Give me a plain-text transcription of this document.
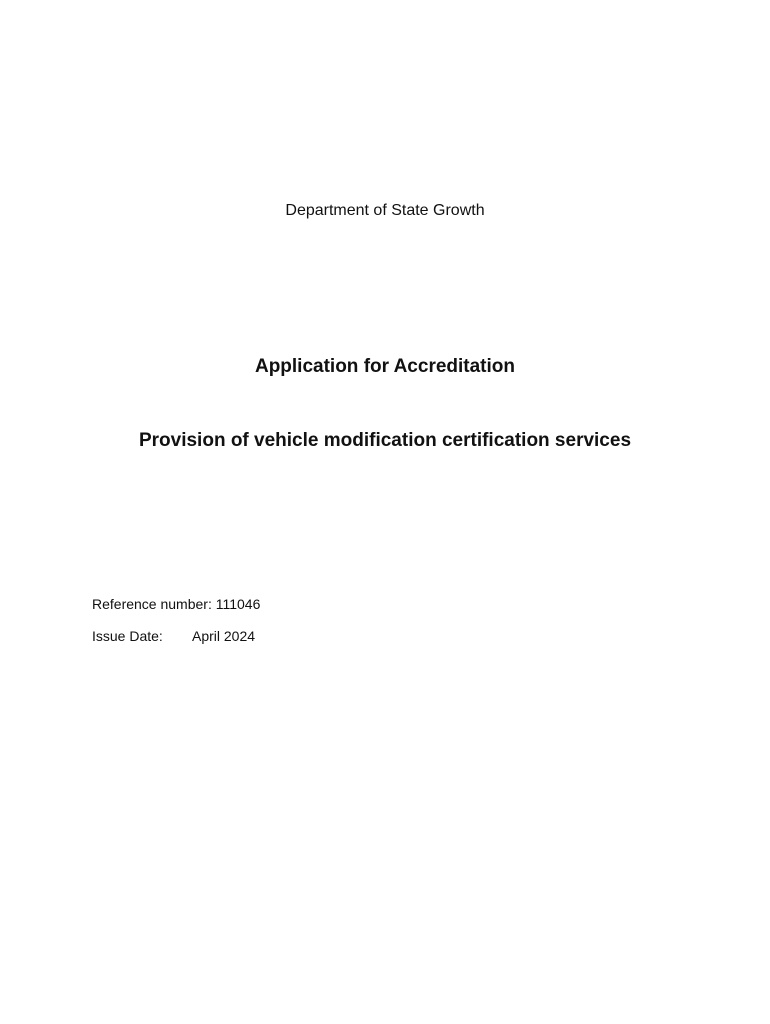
Department of State Growth
Application for Accreditation
Provision of vehicle modification certification services
Reference number: 111046
Issue Date: April 2024
